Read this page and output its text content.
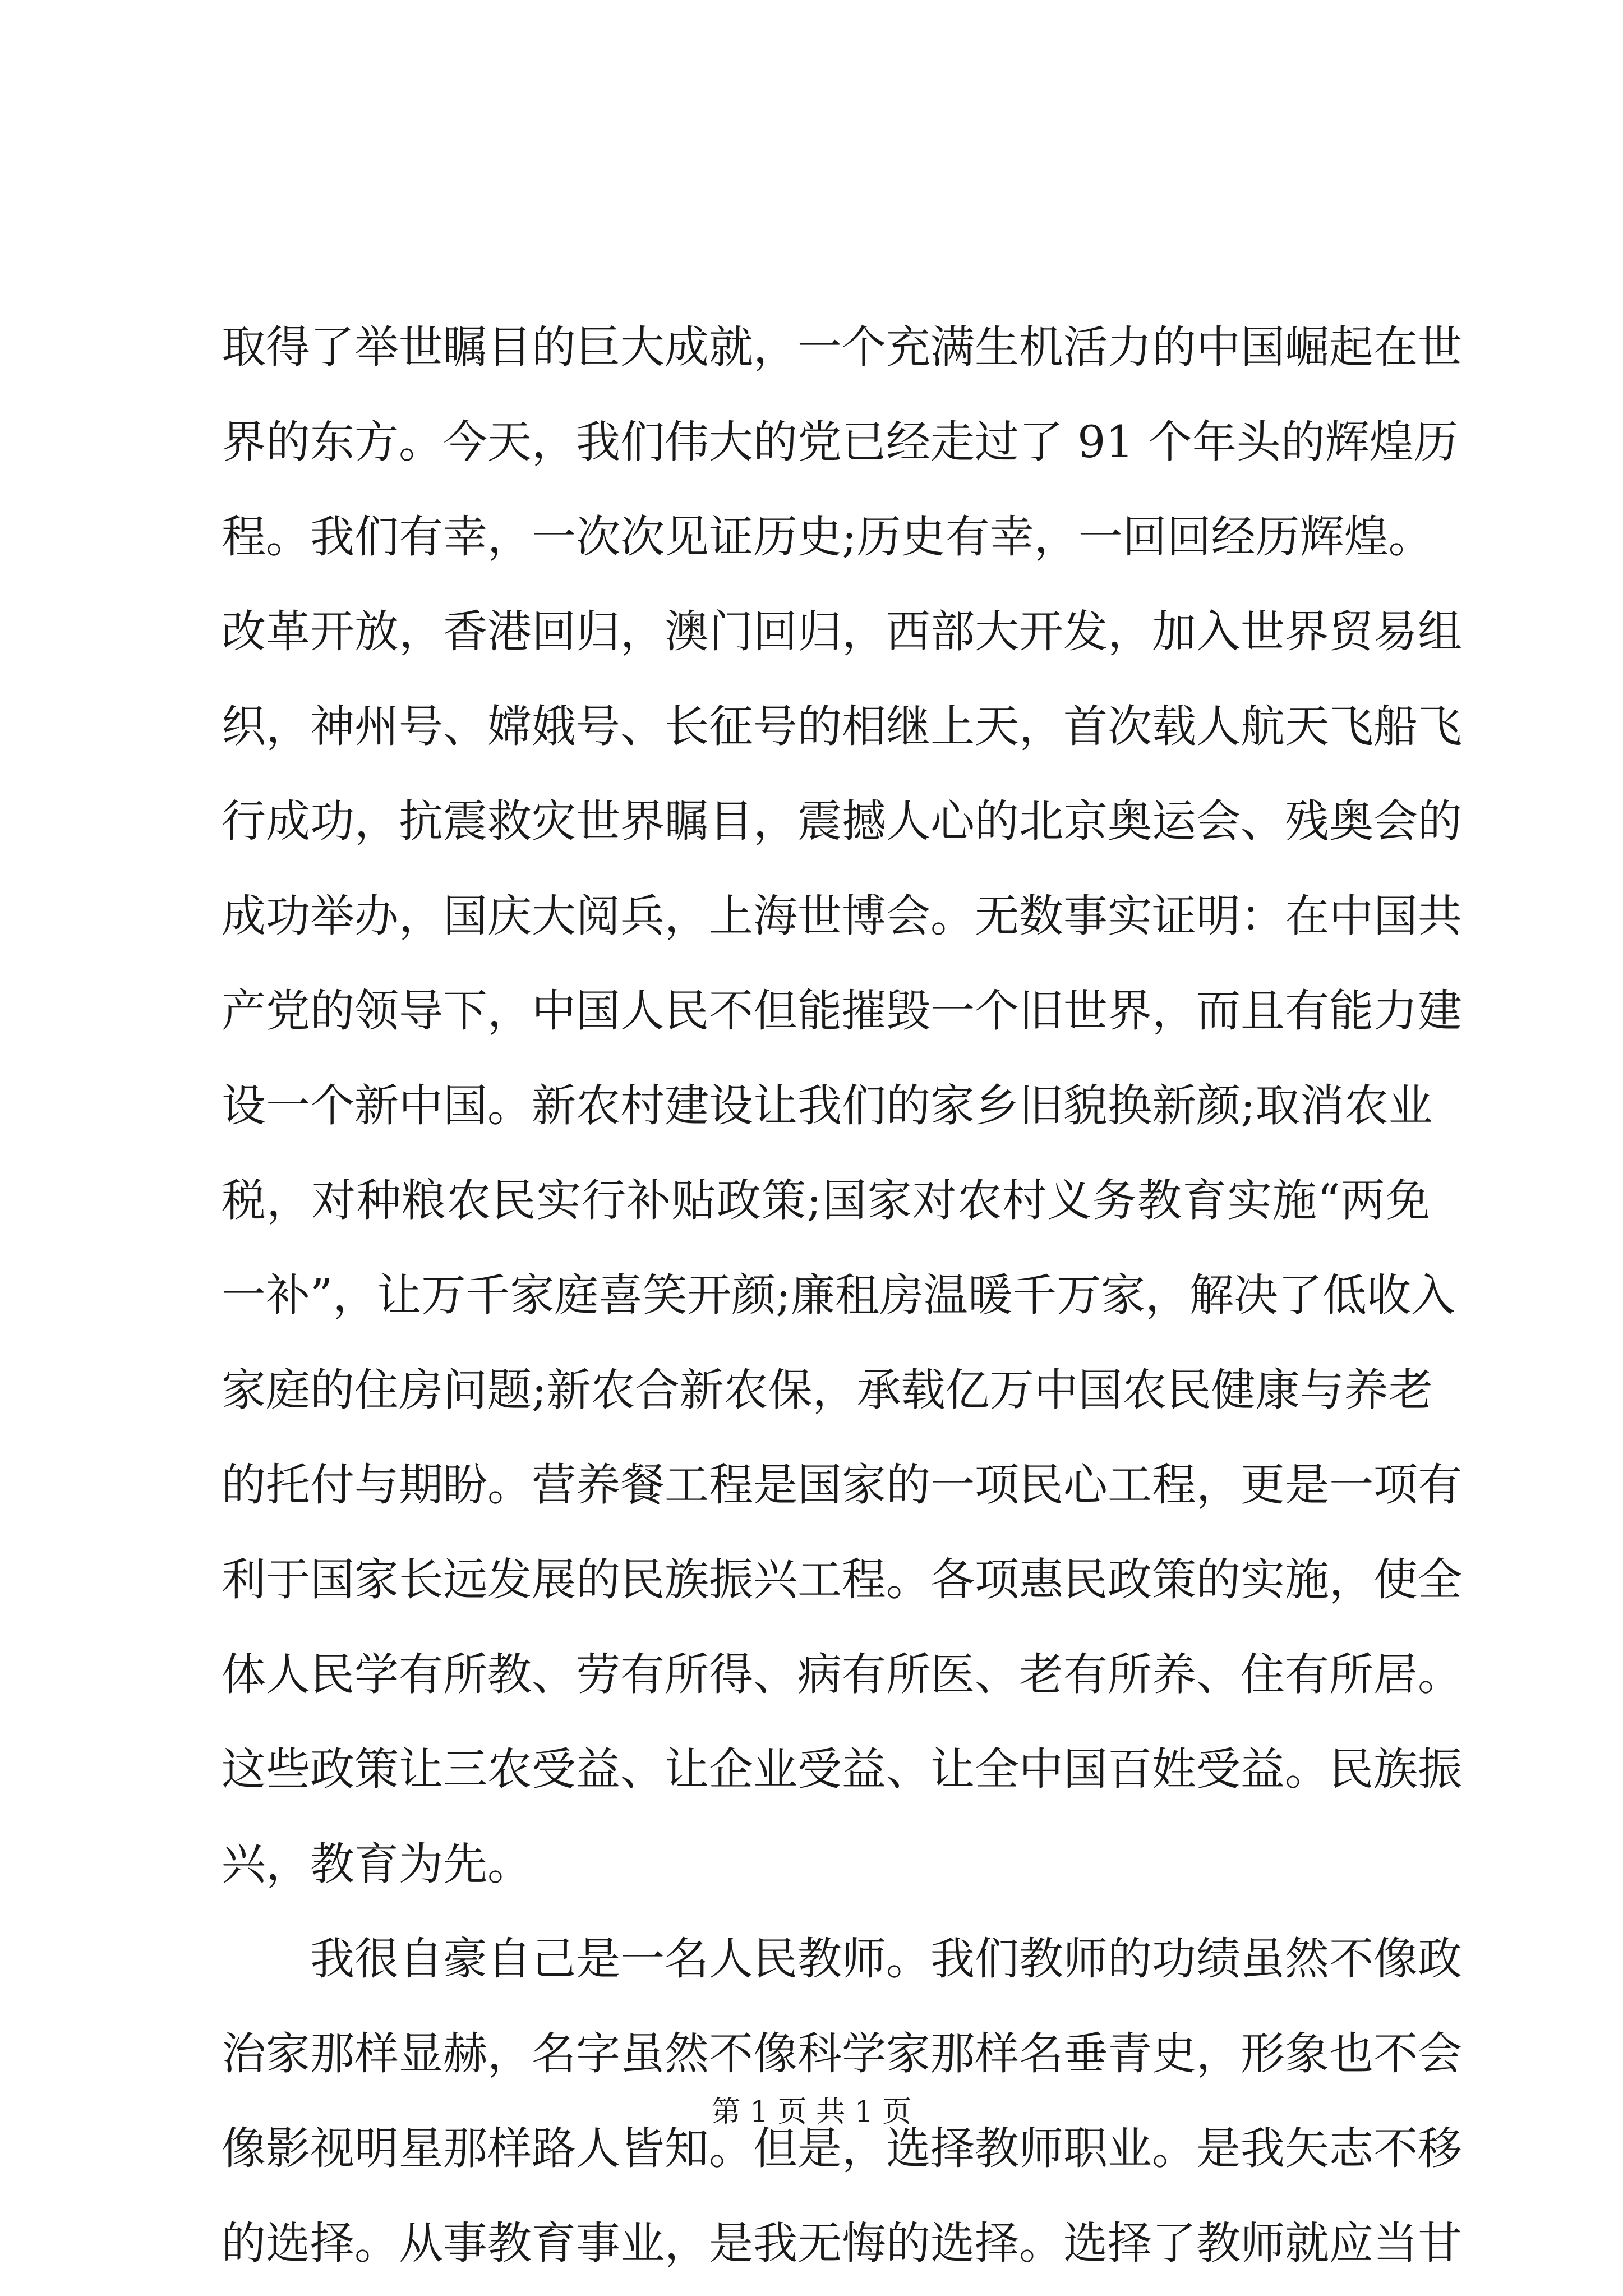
取得了举世瞩目的巨大成就，一个充满生机活力的中国崛起在世
界的东方。今天，我们伟大的党已经走过了 91 个年头的辉煌历
程。我们有幸，一次次见证历史;历史有幸，一回回经历辉煌。
改革开放，香港回归，澳门回归，西部大开发，加入世界贸易组
织，神州号、嫦娥号、长征号的相继上天，首次载人航天飞船飞
行成功，抗震救灾世界瞩目，震撼人心的北京奥运会、残奥会的
成功举办，国庆大阅兵，上海世博会。无数事实证明：在中国共
产党的领导下，中国人民不但能摧毁一个旧世界，而且有能力建
设一个新中国。新农村建设让我们的家乡旧貌换新颜;取消农业
税，对种粮农民实行补贴政策;国家对农村义务教育实施“两免
一补”，让万千家庭喜笑开颜;廉租房温暖千万家，解决了低收入
家庭的住房问题;新农合新农保，承载亿万中国农民健康与养老
的托付与期盼。营养餐工程是国家的一项民心工程，更是一项有
利于国家长远发展的民族振兴工程。各项惠民政策的实施，使全
体人民学有所教、劳有所得、病有所医、老有所养、住有所居。
这些政策让三农受益、让企业受益、让全中国百姓受益。民族振
兴，教育为先。
我很自豪自己是一名人民教师。我们教师的功绩虽然不像政
治家那样显赫，名字虽然不像科学家那样名垂青史，形象也不会
像影视明星那样路人皆知。但是，选择教师职业。是我矢志不移
的选择。从事教育事业，是我无悔的选择。选择了教师就应当甘
第 1 页 共 1 页
